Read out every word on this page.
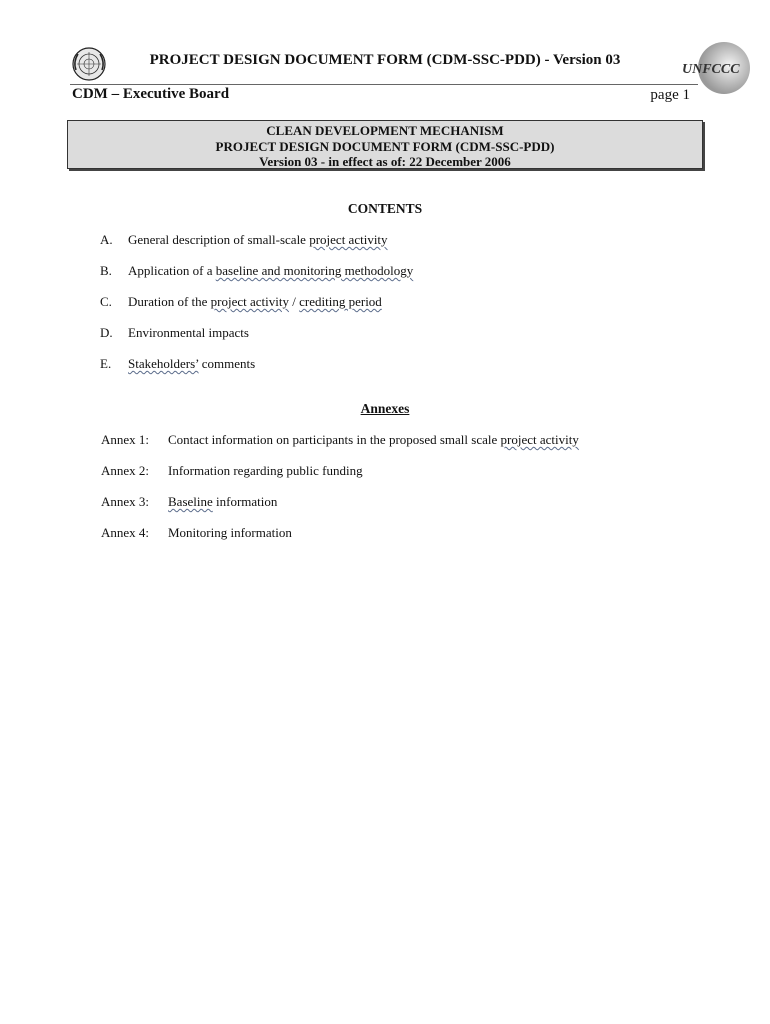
PROJECT DESIGN DOCUMENT FORM (CDM-SSC-PDD) - Version 03
UNFCCC
CDM – Executive Board	page 1
CLEAN DEVELOPMENT MECHANISM
PROJECT DESIGN DOCUMENT FORM (CDM-SSC-PDD)
Version 03 - in effect as of: 22 December 2006
CONTENTS
A. General description of small-scale project activity
B. Application of a baseline and monitoring methodology
C. Duration of the project activity / crediting period
D. Environmental impacts
E. Stakeholders’ comments
Annexes
Annex 1: Contact information on participants in the proposed small scale project activity
Annex 2: Information regarding public funding
Annex 3: Baseline information
Annex 4: Monitoring information
